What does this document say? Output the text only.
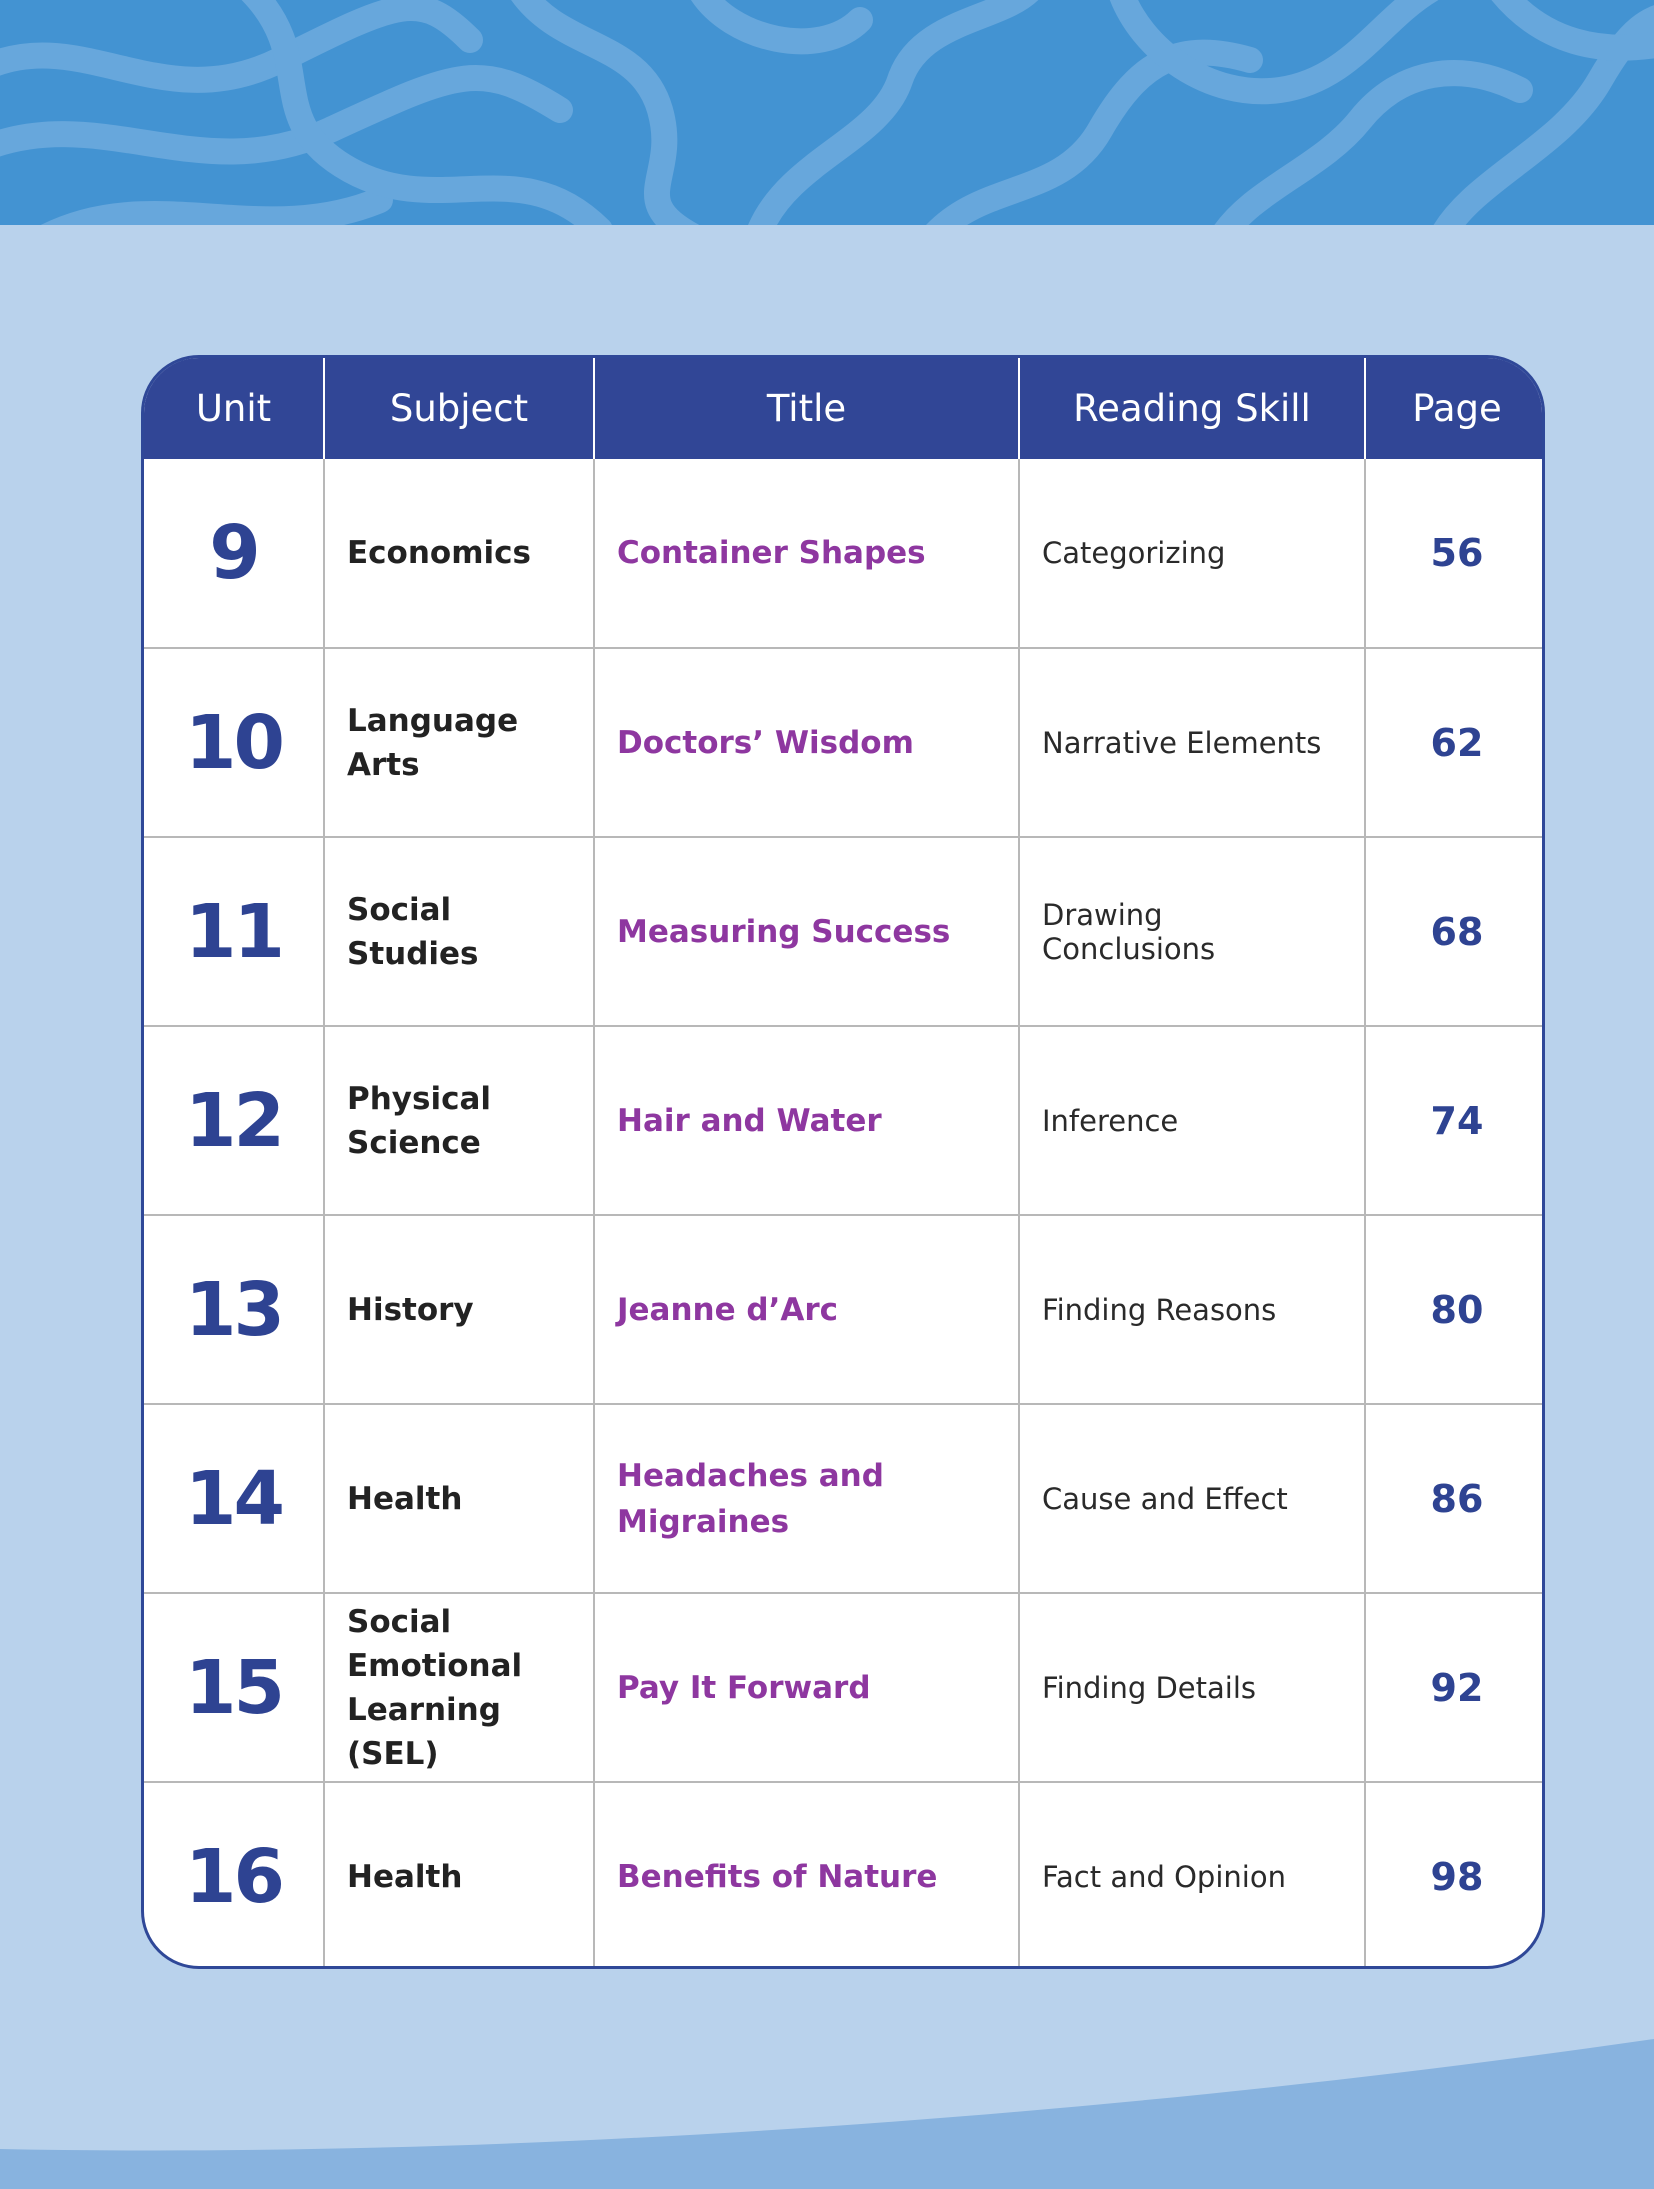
Unit	Subject	Title	Reading Skill	Page
9	Economics	Container Shapes	Categorizing	56
10	Language Arts	Doctors’ Wisdom	Narrative Elements	62
11	Social Studies	Measuring Success	Drawing Conclusions	68
12	Physical Science	Hair and Water	Inference	74
13	History	Jeanne d’Arc	Finding Reasons	80
14	Health	Headaches and Migraines	Cause and Effect	86
15	Social Emotional Learning (SEL)	Pay It Forward	Finding Details	92
16	Health	Benefits of Nature	Fact and Opinion	98
